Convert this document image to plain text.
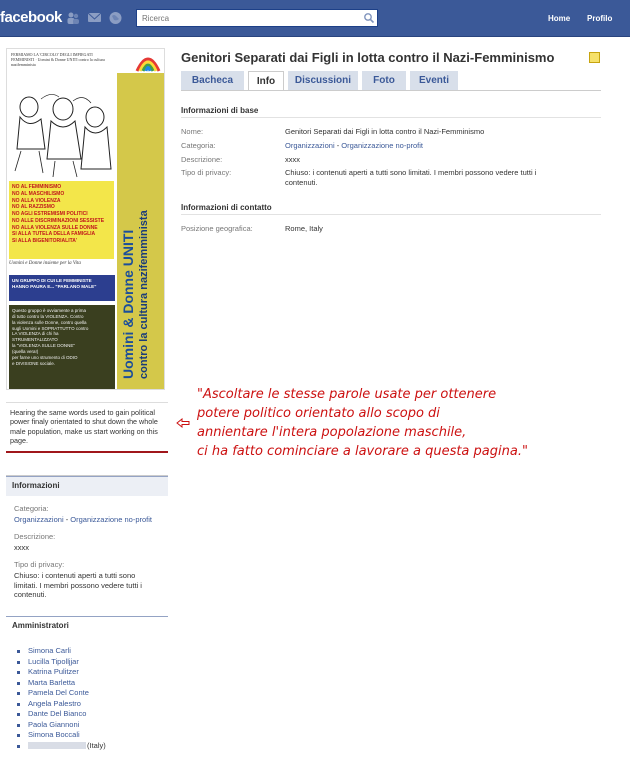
facebook
Ricerca	Home Profilo
FERMIAMO LA 'CIRCOLO' DEGLI IMPIEGATI FEMMINISTI · Uomini & Donne UNITI contro la cultura nazifemminista
Uomini & Donne UNITI contro la cultura nazifemminista
NO AL FEMMINISMO
NO AL MASCHILISMO
NO ALLA VIOLENZA
NO AL RAZZISMO
NO AGLI ESTREMISMI POLITICI
NO ALLE DISCRIMINAZIONI SESSISTE
NO ALLA VIOLENZA SULLE DONNE
SI ALLA TUTELA DELLA FAMIGLIA
SI ALLA BIGENITORIALITA'
Uomini e Donne insieme per la Vita
UN GRUPPO DI CUI LE FEMMINISTE
HANNO PAURA E... "PARLANO MALE"
Questo gruppo è ovviamente a prima
di tutto contro la VIOLENZA. Contro
la violenza sulle Donne, contro quella
sugli Uomini e SOPRATTUTTO contro
LA VIOLENZA di chi ha
STRUMENTALIZZATO
la "VIOLENZA SULLE DONNE"
(quella vera!)
per farne uno strumento di ODIO
e DIVISIONE sociale.
Hearing the same words used to gain political power finaly orientated to shut down the whole male population, make us start working on this page.
Informazioni
Categoria:
Organizzazioni - Organizzazione no-profit
Descrizione:
xxxx
Tipo di privacy:
Chiuso: i contenuti aperti a tutti sono limitati. I membri possono vedere tutti i contenuti.
Amministratori
Simona Carli
Lucilla Tipolljjar
Katrina Pulitzer
Marta Barletta
Pamela Del Conte
Angela Palestro
Dante Del Bianco
Paola Giannoni
Simona Boccali
(Italy)
Genitori Separati dai Figli in lotta contro il Nazi-Femminismo
Bacheca	Info	Discussioni	Foto	Eventi
Informazioni di base
Nome:	Genitori Separati dai Figli in lotta contro il Nazi-Femminismo
Categoria:	Organizzazioni - Organizzazione no-profit
Descrizione:	xxxx
Tipo di privacy:	Chiuso: i contenuti aperti a tutti sono limitati. I membri possono vedere tutti i contenuti.
Informazioni di contatto
Posizione geografica:	Rome, Italy
"Ascoltare le stesse parole usate per ottenere
potere politico orientato allo scopo di
annientare l'intera popolazione maschile,
ci ha fatto cominciare a lavorare a questa pagina."
